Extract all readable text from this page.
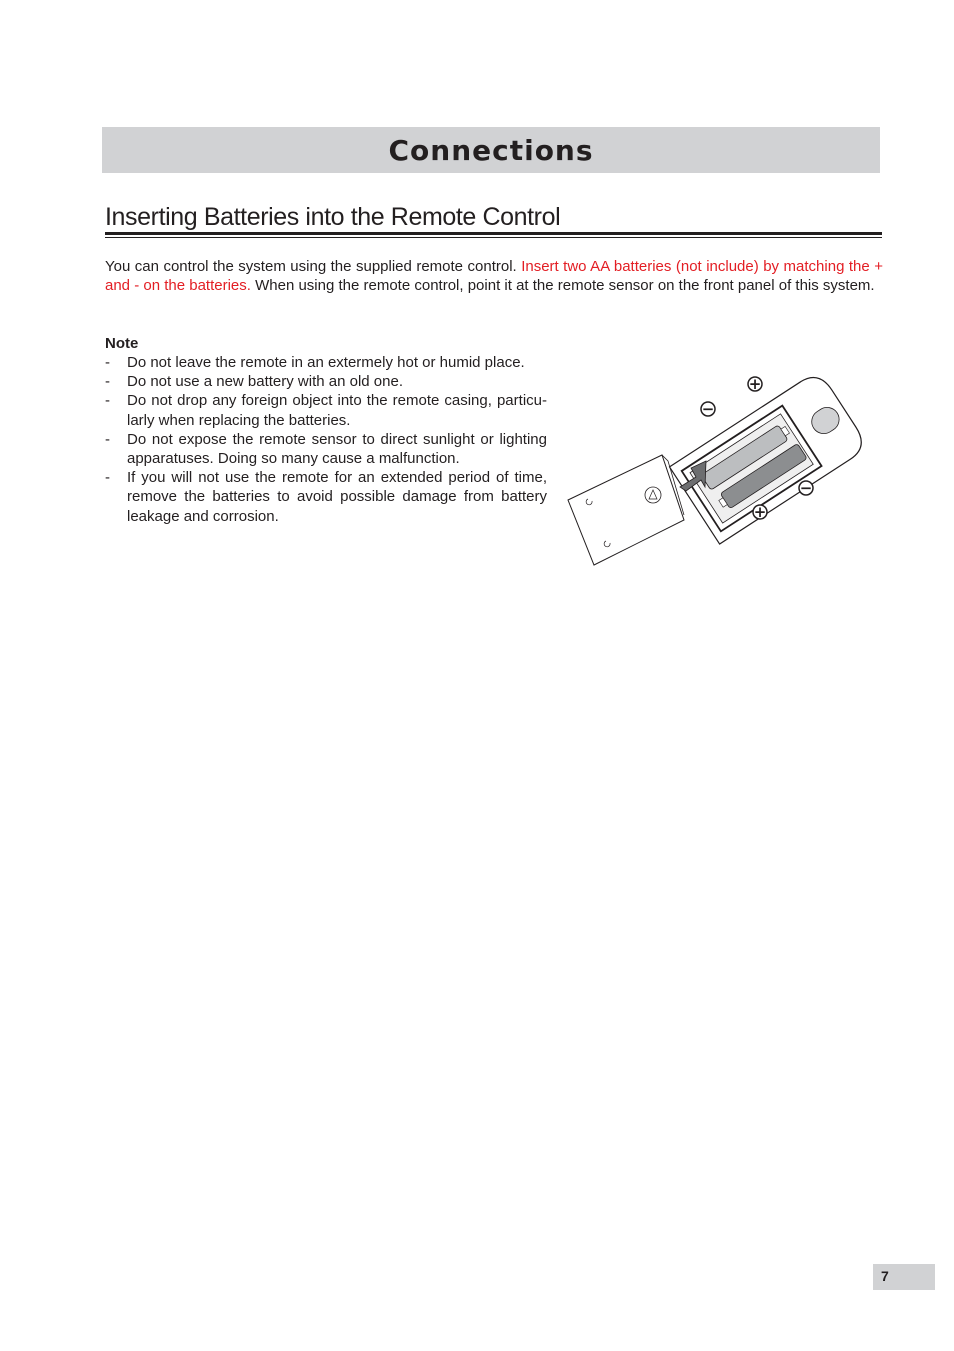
Connections
Inserting Batteries into the Remote Control

You can control the system using the supplied remote control. Insert two AA batteries (not include) by matching the + and - on the batteries. When using the remote control, point it at the remote sensor on the front panel of this system.

Note

- Do not leave the remote in an extermely hot or humid place.
- Do not use a new battery with an old one.
- Do not drop any foreign object into the remote casing, particu-larly when replacing the batteries.
- Do not expose the remote sensor to direct sunlight or lighting apparatuses. Doing so many cause a malfunction.
- If you will not use the remote for an extended period of time, remove the batteries to avoid possible damage from battery leakage and corrosion.
+
−
−
+
7
